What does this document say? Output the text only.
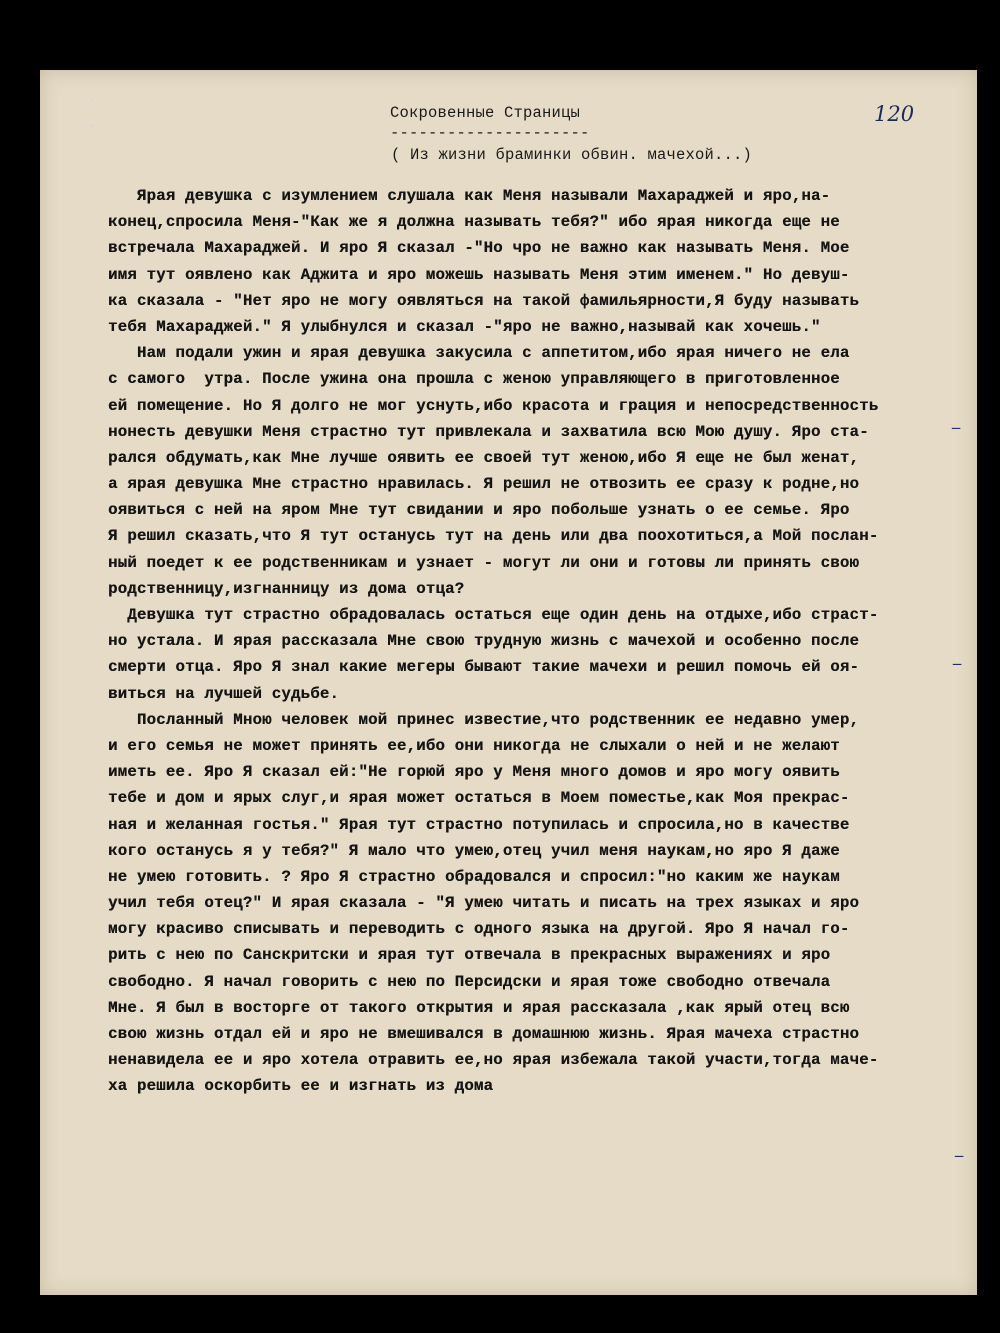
120

Сокровенные Страницы
---------------------

( Из жизни браминки обвин. мачехой...)

Ярая девушка с изумлением слушала как Меня называли Махараджей и яро,на-
конец,спросила Меня-"Как же я должна называть тебя?" ибо ярая никогда еще не
встречала Махараджей. И яро Я сказал -"Но чро не важно как называть Меня. Мое
имя тут оявлено как Аджита и яро можешь называть Меня этим именем." Но девуш-
ка сказала - "Нет яро не могу оявляться на такой фамильярности,Я буду называть
тебя Махараджей." Я улыбнулся и сказал -"яро не важно,называй как хочешь."
Нам подали ужин и ярая девушка закусила с аппетитом,ибо ярая ничего не ела
с самого  утра. После ужина она прошла с женою управляющего в приготовленное
ей помещение. Но Я долго не мог уснуть,ибо красота и грация и непосредственность
нонесть девушки Меня страстно тут привлекала и захватила всю Мою душу. Яро ста-
рался обдумать,как Мне лучше оявить ее своей тут женою,ибо Я еще не был женат,
а ярая девушка Мне страстно нравилась. Я решил не отвозить ее сразу к родне,но
оявиться с ней на яром Мне тут свидании и яро побольше узнать о ее семье. Яро
Я решил сказать,что Я тут останусь тут на день или два поохотиться,а Мой послан-
ный поедет к ее родственникам и узнает - могут ли они и готовы ли принять свою
родственницу,изгнанницу из дома отца?
Девушка тут страстно обрадовалась остаться еще один день на отдыхе,ибо страст-
но устала. И ярая рассказала Мне свою трудную жизнь с мачехой и особенно после
смерти отца. Яро Я знал какие мегеры бывают такие мачехи и решил помочь ей оя-
виться на лучшей судьбе.
Посланный Мною человек мой принес известие,что родственник ее недавно умер,
и его семья не может принять ее,ибо они никогда не слыхали о ней и не желают
иметь ее. Яро Я сказал ей:"Не горюй яро у Меня много домов и яро могу оявить
тебе и дом и ярых слуг,и ярая может остаться в Моем поместье,как Моя прекрас-
ная и желанная гостья." Ярая тут страстно потупилась и спросила,но в качестве
кого останусь я у тебя?" Я мало что умею,отец учил меня наукам,но яро Я даже
не умею готовить. ? Яро Я страстно обрадовался и спросил:"но каким же наукам
учил тебя отец?" И ярая сказала - "Я умею читать и писать на трех языках и яро
могу красиво списывать и переводить с одного языка на другой. Яро Я начал го-
рить с нею по Санскритски и ярая тут отвечала в прекрасных выражениях и яро
свободно. Я начал говорить с нею по Персидски и ярая тоже свободно отвечала
Мне. Я был в восторге от такого открытия и ярая рассказала ,как ярый отец всю
свою жизнь отдал ей и яро не вмешивался в домашнюю жизнь. Ярая мачеха страстно
ненавидела ее и яро хотела отравить ее,но ярая избежала такой участи,тогда маче-
ха решила оскорбить ее и изгнать из дома
‒
‒
‒
